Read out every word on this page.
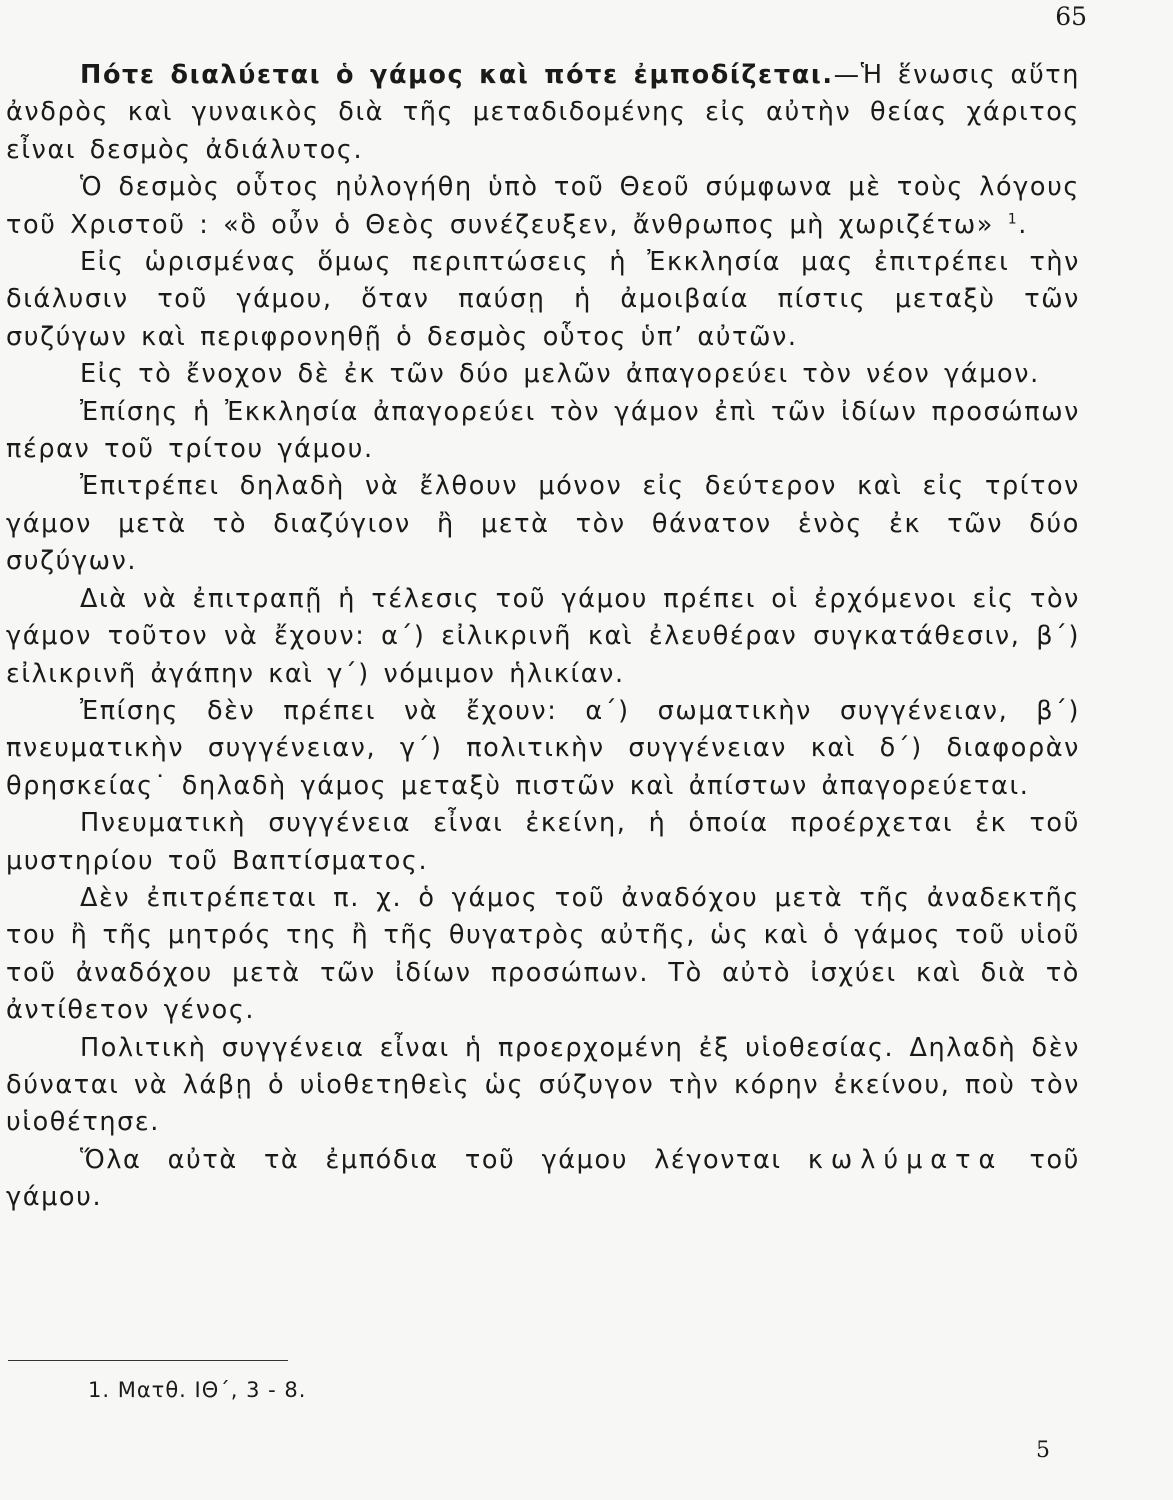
65

Πότε διαλύεται ὁ γάμος καὶ πότε ἐμποδίζεται.—Ἡ ἕνωσις αὕτη ἀνδρὸς καὶ γυναικὸς διὰ τῆς μεταδιδομένης εἰς αὐτὴν θείας χάριτος εἶναι δεσμὸς ἀδιάλυτος.

Ὁ δεσμὸς οὗτος ηὐλογήθη ὑπὸ τοῦ Θεοῦ σύμφωνα μὲ τοὺς λόγους τοῦ Χριστοῦ : «ὃ οὖν ὁ Θεὸς συνέζευξεν, ἄνθρωπος μὴ χωριζέτω» $^1$.

Εἰς ὡρισμένας ὅμως περιπτώσεις ἡ Ἐκκλησία μας ἐπιτρέπει τὴν διάλυσιν τοῦ γάμου, ὅταν παύσῃ ἡ ἀμοιβαία πίστις μεταξὺ τῶν συζύγων καὶ περιφρονηθῇ ὁ δεσμὸς οὗτος ὑπ’ αὐτῶν.

Εἰς τὸ ἔνοχον δὲ ἐκ τῶν δύο μελῶν ἀπαγορεύει τὸν νέον γάμον.

Ἐπίσης ἡ Ἐκκλησία ἀπαγορεύει τὸν γάμον ἐπὶ τῶν ἰδίων προσώπων πέραν τοῦ τρίτου γάμου.

Ἐπιτρέπει δηλαδὴ νὰ ἔλθουν μόνον εἰς δεύτερον καὶ εἰς τρίτον γάμον μετὰ τὸ διαζύγιον ἢ μετὰ τὸν θάνατον ἑνὸς ἐκ τῶν δύο συζύγων.

Διὰ νὰ ἐπιτραπῇ ἡ τέλεσις τοῦ γάμου πρέπει οἱ ἐρχόμενοι εἰς τὸν γάμον τοῦτον νὰ ἔχουν: α΄) εἰλικρινῆ καὶ ἐλευθέραν συγκατάθεσιν, β΄) εἰλικρινῆ ἀγάπην καὶ γ΄) νόμιμον ἡλικίαν.

Ἐπίσης δὲν πρέπει νὰ ἔχουν: α΄) σωματικὴν συγγένειαν, β΄) πνευματικὴν συγγένειαν, γ΄) πολιτικὴν συγγένειαν καὶ δ΄) διαφορὰν θρησκείας˙ δηλαδὴ γάμος μεταξὺ πιστῶν καὶ ἀπίστων ἀπαγορεύεται.

Πνευματικὴ συγγένεια εἶναι ἐκείνη, ἡ ὁποία προέρχεται ἐκ τοῦ μυστηρίου τοῦ Βαπτίσματος.

Δὲν ἐπιτρέπεται π. χ. ὁ γάμος τοῦ ἀναδόχου μετὰ τῆς ἀναδεκτῆς του ἢ τῆς μητρός της ἢ τῆς θυγατρὸς αὐτῆς, ὡς καὶ ὁ γάμος τοῦ υἱοῦ τοῦ ἀναδόχου μετὰ τῶν ἰδίων προσώπων. Τὸ αὐτὸ ἰσχύει καὶ διὰ τὸ ἀντίθετον γένος.

Πολιτικὴ συγγένεια εἶναι ἡ προερχομένη ἐξ υἱοθεσίας. Δηλαδὴ δὲν δύναται νὰ λάβῃ ὁ υἱοθετηθεὶς ὡς σύζυγον τὴν κόρην ἐκείνου, ποὺ τὸν υἱοθέτησε.

Ὅλα αὐτὰ τὰ ἐμπόδια τοῦ γάμου λέγονται κωλύματα τοῦ γάμου.

1. Ματθ. ΙΘ΄, 3 - 8.
5
